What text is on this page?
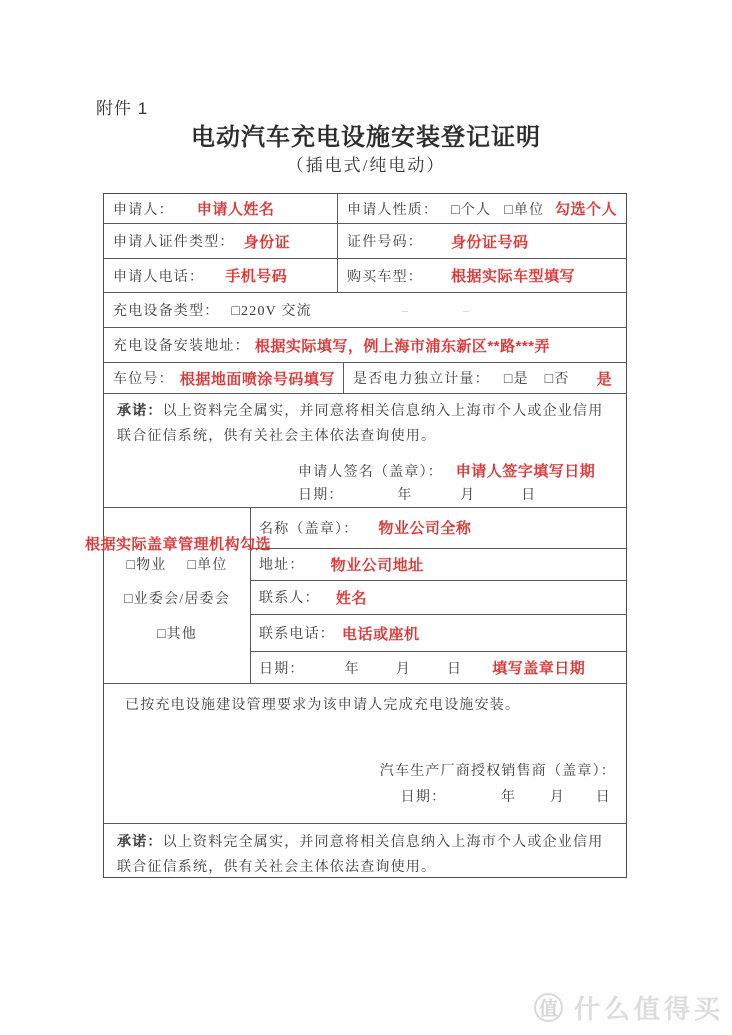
附件 1
电动汽车充电设施安装登记证明
（插电式/纯电动）
申请人： 申请人姓名	申请人性质： □个人 □单位 勾选个人
申请人证件类型： 身份证	证件号码： 身份证号码
申请人电话： 手机号码	购买车型： 根据实际车型填写
充电设备类型： □220V 交流	–	–
充电设备安装地址： 根据实际填写，例上海市浦东新区**路***弄
车位号： 根据地面喷涂号码填写 是否电力独立计量： □是 □否 是
承诺：以上资料完全属实，并同意将相关信息纳入上海市个人或企业信用联合征信系统，供有关社会主体依法查询使用。
申请人签名（盖章）： 申请人签字填写日期
日期：	年	月	日
□物业 □单位
□业委会/居委会
□其他
名称（盖章）： 物业公司全称
地址： 物业公司地址
联系人： 姓名
联系电话： 电话或座机
日期：	年	月	日 填写盖章日期
已按充电设施建设管理要求为该申请人完成充电设施安装。
汽车生产厂商授权销售商（盖章）：
日期：	年 月 日
承诺：以上资料完全属实，并同意将相关信息纳入上海市个人或企业信用联合征信系统，供有关社会主体依法查询使用。
根据实际盖章管理机构勾选
值 什么值得买
